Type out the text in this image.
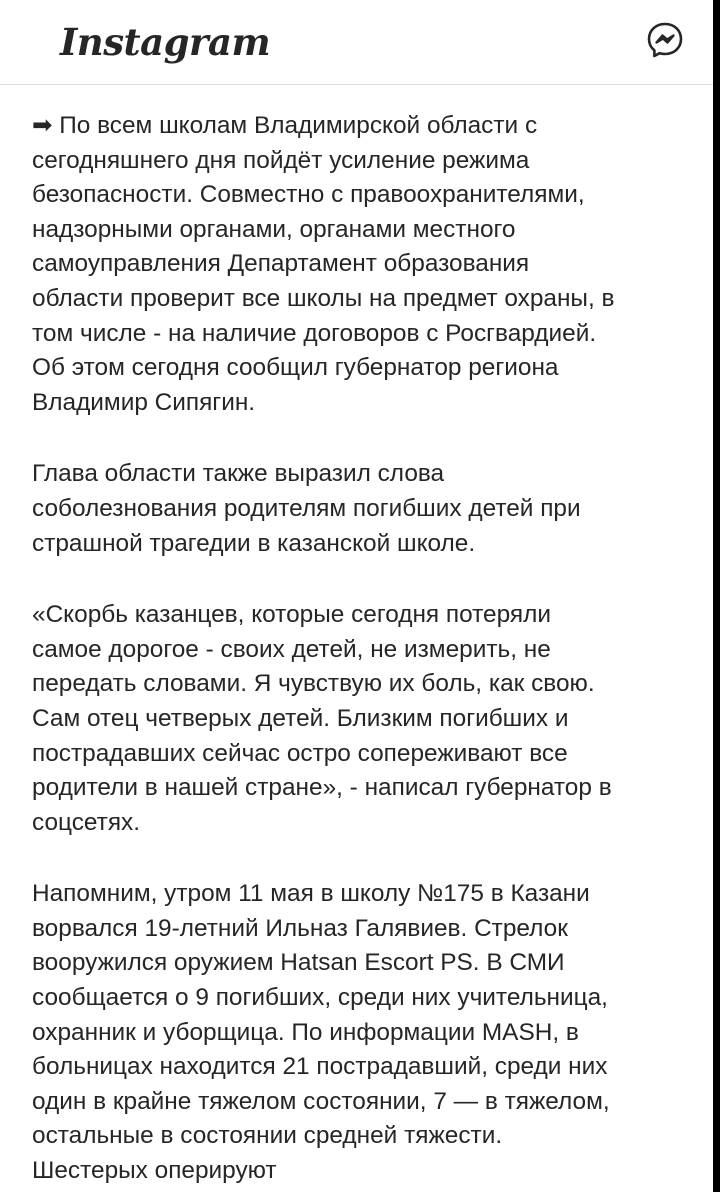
Instagram

➡ По всем школам Владимирской области с
сегодняшнего дня пойдёт усиление режима
безопасности. Совместно с правоохранителями,
надзорными органами, органами местного
самоуправления Департамент образования
области проверит все школы на предмет охраны, в
том числе - на наличие договоров с Росгвардией.
Об этом сегодня сообщил губернатор региона
Владимир Сипягин.

Глава области также выразил слова
соболезнования родителям погибших детей при
страшной трагедии в казанской школе.

«Скорбь казанцев, которые сегодня потеряли
самое дорогое - своих детей, не измерить, не
передать словами. Я чувствую их боль, как свою.
Сам отец четверых детей. Близким погибших и
пострадавших сейчас остро сопереживают все
родители в нашей стране», - написал губернатор в
соцсетях.

Напомним, утром 11 мая в школу №175 в Казани
ворвался 19-летний Ильназ Галявиев. Стрелок
вооружился оружием Hatsan Escort PS. В СМИ
сообщается о 9 погибших, среди них учительница,
охранник и уборщица. По информации MASH, в
больницах находится 21 пострадавший, среди них
один в крайне тяжелом состоянии, 7 — в тяжелом,
остальные в состоянии средней тяжести.
Шестерых оперируют
